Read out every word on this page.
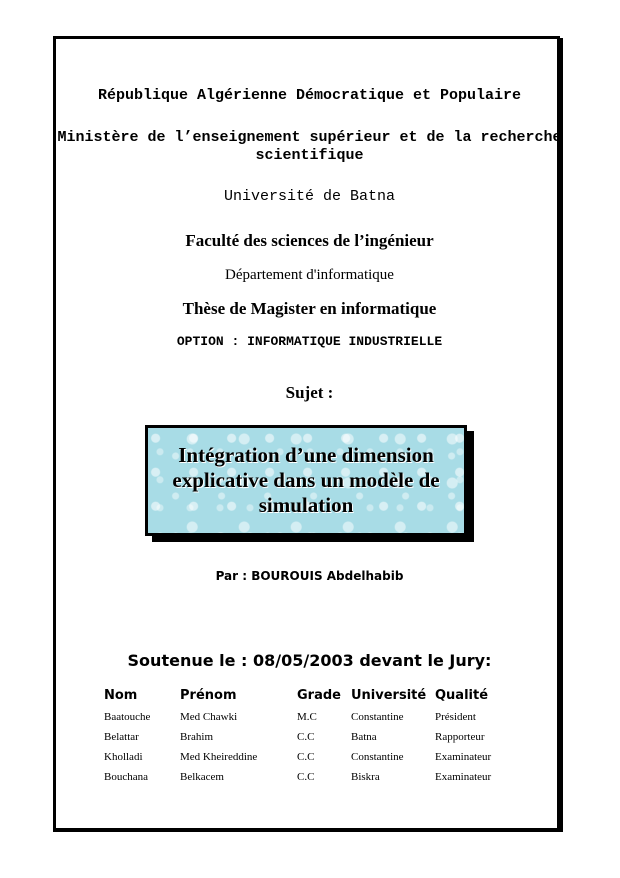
République Algérienne Démocratique et Populaire
Ministère de l’enseignement supérieur et de la recherche scientifique
Université de Batna
Faculté des sciences de l’ingénieur
Département d'informatique
Thèse de Magister en informatique
OPTION : INFORMATIQUE INDUSTRIELLE
Sujet :
Intégration d’une dimension explicative dans un modèle de simulation
Par : BOUROUIS Abdelhabib
Soutenue le : 08/05/2003 devant le Jury:
Nom	Prénom	Grade	Université	Qualité
Baatouche	Med Chawki	M.C	Constantine	Président
Belattar	Brahim	C.C	Batna	Rapporteur
Kholladi	Med Kheireddine	C.C	Constantine	Examinateur
Bouchana	Belkacem	C.C	Biskra	Examinateur
